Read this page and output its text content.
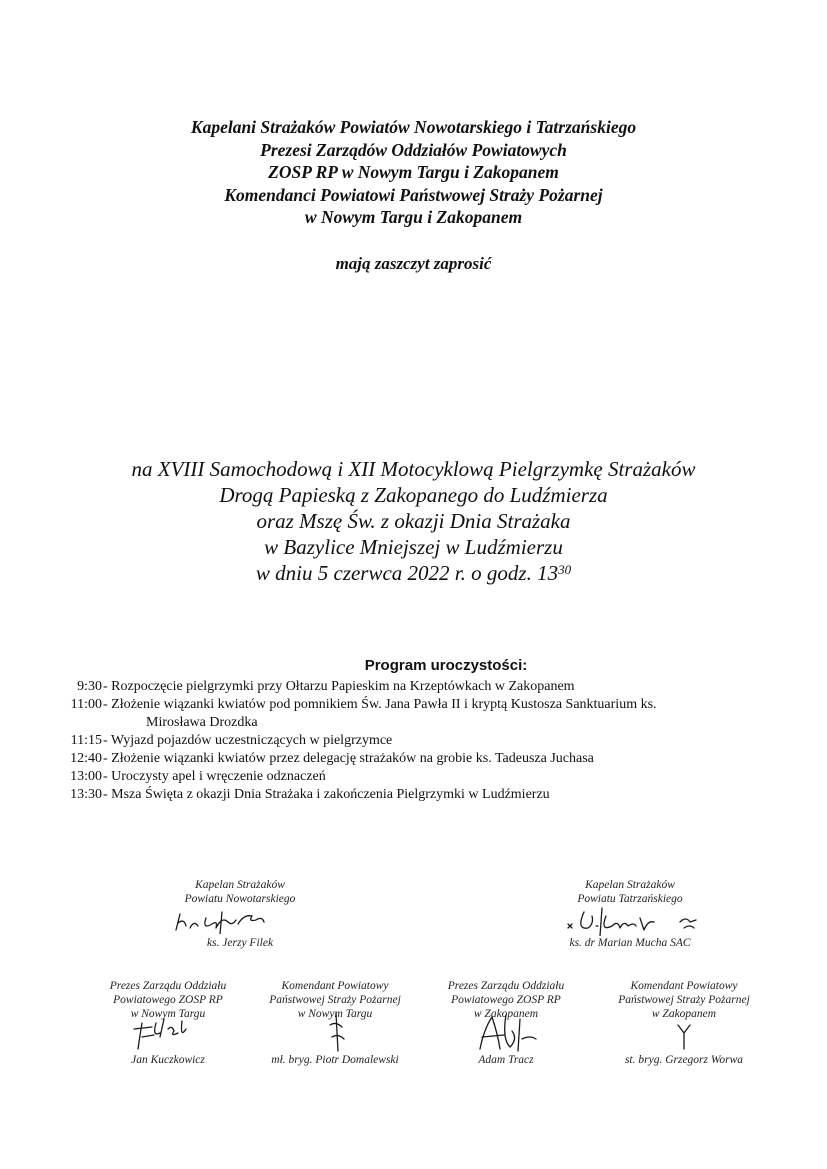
Kapelani Strażaków Powiatów Nowotarskiego i Tatrzańskiego
Prezesi Zarządów Oddziałów Powiatowych
ZOSP RP w Nowym Targu i Zakopanem
Komendanci Powiatowi Państwowej Straży Pożarnej
w Nowym Targu i Zakopanem
mają zaszczyt zaprosić
na XVIII Samochodową i XII Motocyklową Pielgrzymkę Strażaków
Drogą Papieską z Zakopanego do Ludźmierza
oraz Mszę Św. z okazji Dnia Strażaka
w Bazylice Mniejszej w Ludźmierzu
w dniu 5 czerwca 2022 r. o godz. $13^{30}$
Program uroczystości:
9:30 - Rozpoczęcie pielgrzymki przy Ołtarzu Papieskim na Krzeptówkach w Zakopanem
11:00 - Złożenie wiązanki kwiatów pod pomnikiem Św. Jana Pawła II i kryptą Kustosza Sanktuarium ks.
Mirosława Drozdka
11:15 - Wyjazd pojazdów uczestniczących w pielgrzymce
12:40 - Złożenie wiązanki kwiatów przez delegację strażaków na grobie ks. Tadeusza Juchasa
13:00 - Uroczysty apel i wręczenie odznaczeń
13:30 - Msza Święta z okazji Dnia Strażaka i zakończenia Pielgrzymki w Ludźmierzu
Kapelan Strażaków
Powiatu Nowotarskiego
ks. Jerzy Filek
Kapelan Strażaków
Powiatu Tatrzańskiego
ks. dr Marian Mucha SAC
Prezes Zarządu Oddziału
Powiatowego ZOSP RP
w Nowym Targu
Jan Kuczkowicz
Komendant Powiatowy
Państwowej Straży Pożarnej
w Nowym Targu
mł. bryg. Piotr Domalewski
Prezes Zarządu Oddziału
Powiatowego ZOSP RP
w Zakopanem
Adam Tracz
Komendant Powiatowy
Państwowej Straży Pożarnej
w Zakopanem
st. bryg. Grzegorz Worwa
